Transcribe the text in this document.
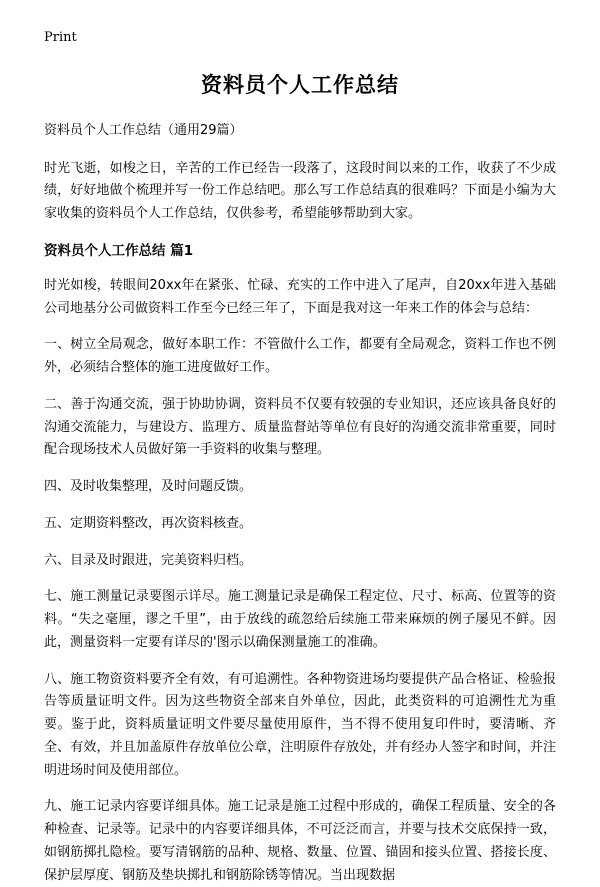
Print
资料员个人工作总结
资料员个人工作总结（通用29篇）

时光飞逝，如梭之日，辛苦的工作已经告一段落了，这段时间以来的工作，收获了不少成绩，好好地做个梳理并写一份工作总结吧。那么写工作总结真的很难吗？下面是小编为大家收集的资料员个人工作总结，仅供参考，希望能够帮助到大家。

资料员个人工作总结 篇1

时光如梭，转眼间20xx年在紧张、忙碌、充实的工作中进入了尾声，自20xx年进入基础公司地基分公司做资料工作至今已经三年了，下面是我对这一年来工作的体会与总结：

一、树立全局观念，做好本职工作：不管做什么工作，都要有全局观念，资料工作也不例外，必须结合整体的施工进度做好工作。

二、善于沟通交流，强于协助协调，资料员不仅要有较强的专业知识，还应该具备良好的沟通交流能力，与建设方、监理方、质量监督站等单位有良好的沟通交流非常重要，同时配合现场技术人员做好第一手资料的收集与整理。

四、及时收集整理，及时问题反馈。

五、定期资料整改，再次资料核查。

六、目录及时跟进，完美资料归档。

七、施工测量记录要图示详尽。施工测量记录是确保工程定位、尺寸、标高、位置等的资料。“失之毫厘，谬之千里”，由于放线的疏忽给后续施工带来麻烦的例子屡见不鲜。因此，测量资料一定要有详尽的'图示以确保测量施工的准确。

八、施工物资资料要齐全有效，有可追溯性。各种物资进场均要提供产品合格证、检验报告等质量证明文件。因为这些物资全部来自外单位，因此，此类资料的可追溯性尤为重要。鉴于此，资料质量证明文件要尽量使用原件，当不得不使用复印件时，要清晰、齐全、有效，并且加盖原件存放单位公章，注明原件存放处，并有经办人签字和时间，并注明进场时间及使用部位。

九、施工记录内容要详细具体。施工记录是施工过程中形成的，确保工程质量、安全的各种检查、记录等。记录中的内容要详细具体，不可泛泛而言，并要与技术交底保持一致，如钢筋掷扎隐检。要写清钢筋的品种、规格、数量、位置、锚固和接头位置、搭接长度、保护层厚度、钢筋及垫块掷扎和钢筋除锈等情况。当出现数据
